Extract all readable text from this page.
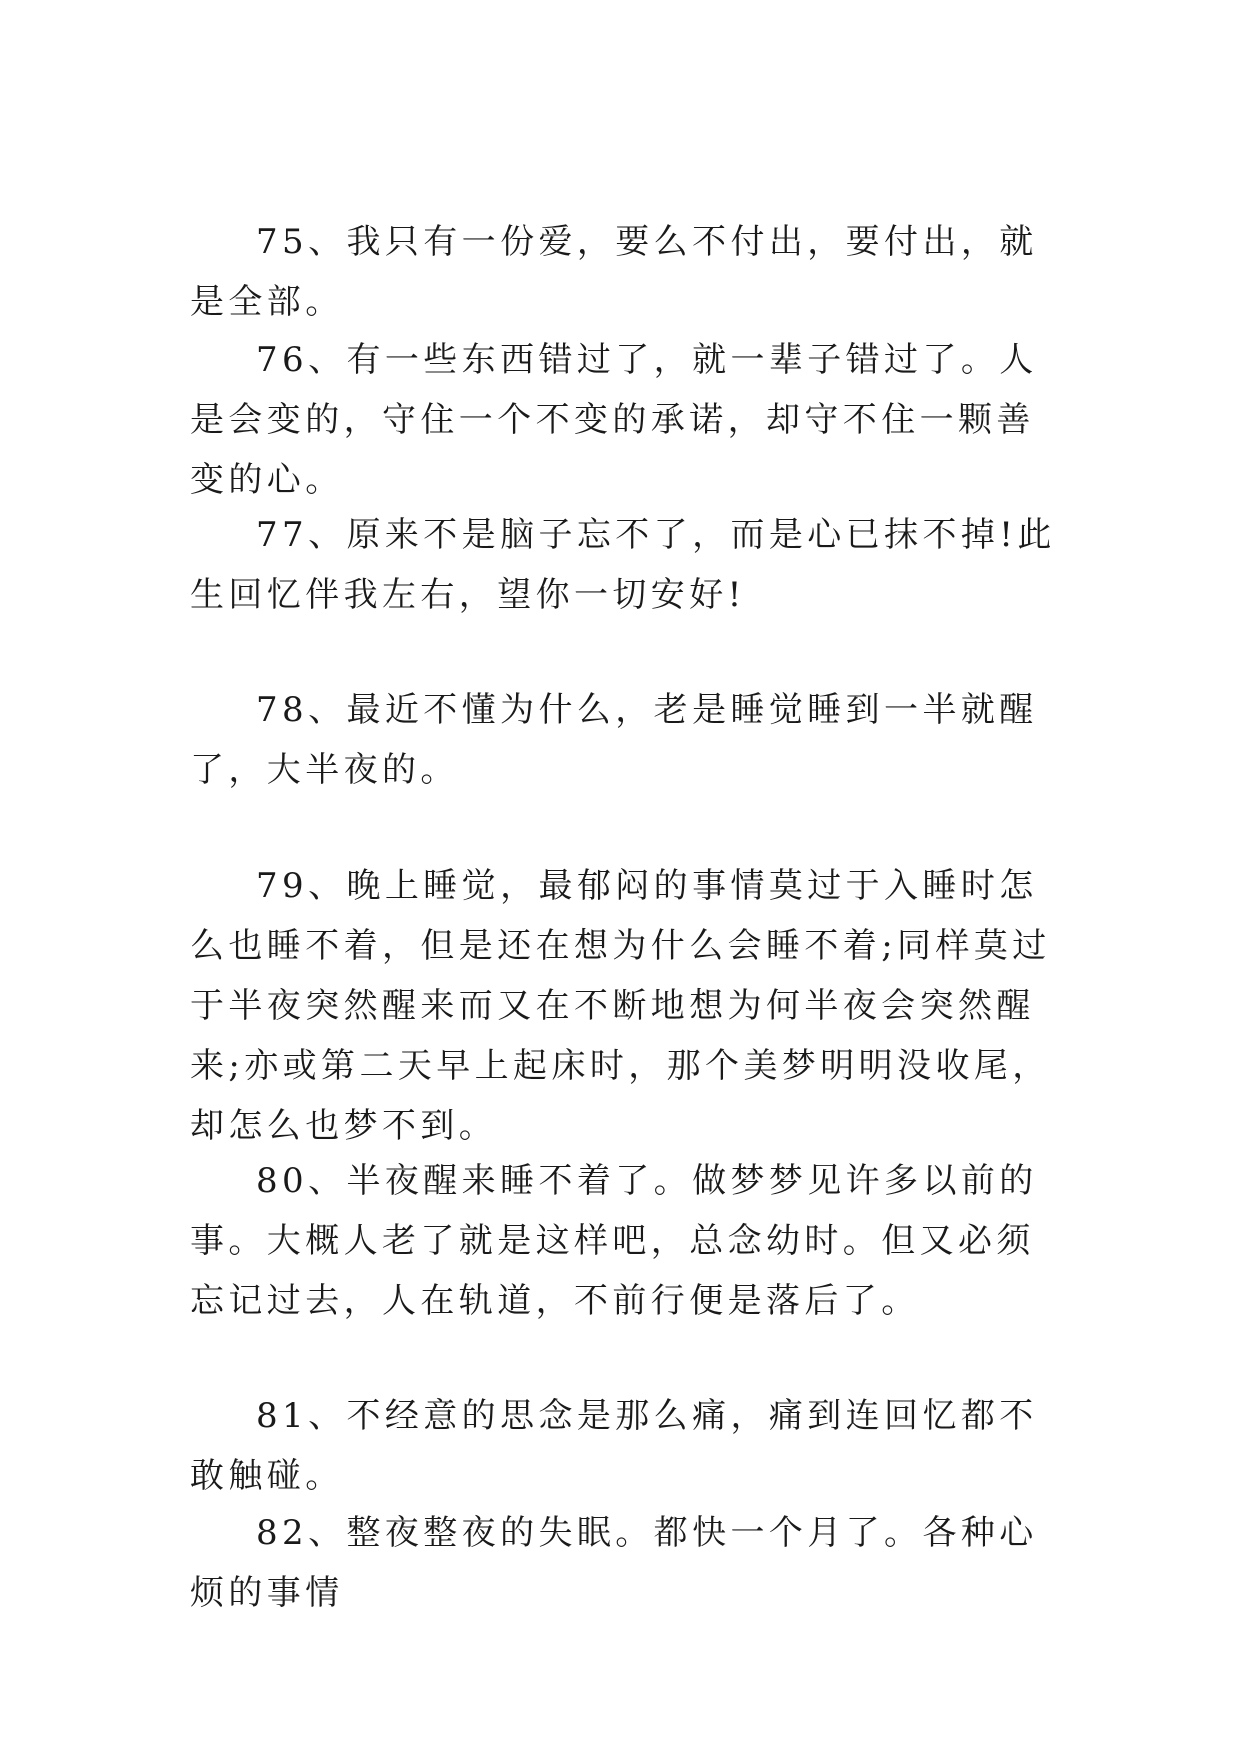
75、我只有一份爱，要么不付出，要付出，就是全部。

76、有一些东西错过了，就一辈子错过了。人是会变的，守住一个不变的承诺，却守不住一颗善变的心。

77、原来不是脑子忘不了，而是心已抹不掉!此生回忆伴我左右，望你一切安好!

78、最近不懂为什么，老是睡觉睡到一半就醒了，大半夜的。

79、晚上睡觉，最郁闷的事情莫过于入睡时怎么也睡不着，但是还在想为什么会睡不着;同样莫过于半夜突然醒来而又在不断地想为何半夜会突然醒来;亦或第二天早上起床时，那个美梦明明没收尾，却怎么也梦不到。

80、半夜醒来睡不着了。做梦梦见许多以前的事。大概人老了就是这样吧，总念幼时。但又必须忘记过去，人在轨道，不前行便是落后了。

81、不经意的思念是那么痛，痛到连回忆都不敢触碰。

82、整夜整夜的失眠。都快一个月了。各种心烦的事情
